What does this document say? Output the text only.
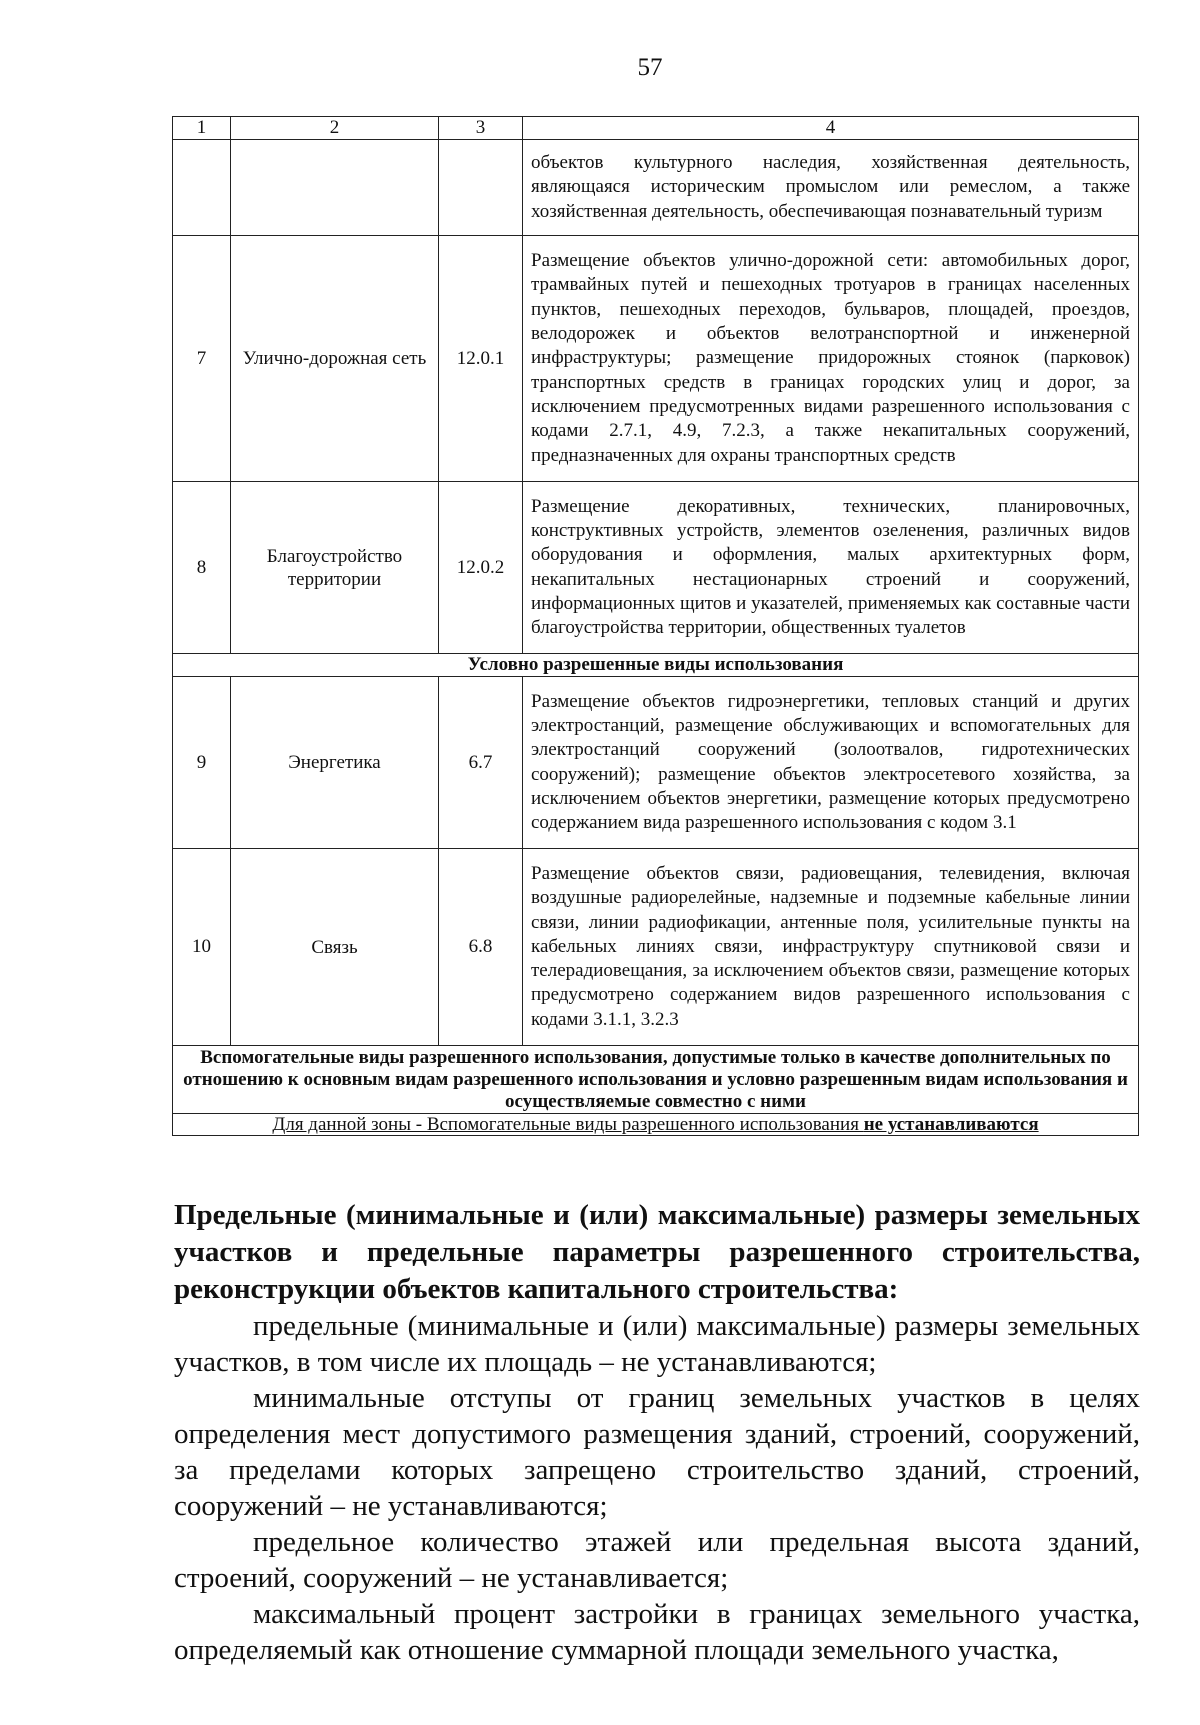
57
1	2	3	4
			объектов культурного наследия, хозяйственная деятельность, являющаяся историческим промыслом или ремеслом, а также хозяйственная деятельность, обеспечивающая познавательный туризм
7	Улично-дорожная сеть	12.0.1	Размещение объектов улично-дорожной сети: автомобильных дорог, трамвайных путей и пешеходных тротуаров в границах населенных пунктов, пешеходных переходов, бульваров, площадей, проездов, велодорожек и объектов велотранспортной и инженерной инфраструктуры; размещение придорожных стоянок (парковок) транспортных средств в границах городских улиц и дорог, за исключением предусмотренных видами разрешенного использования с кодами 2.7.1, 4.9, 7.2.3, а также некапитальных сооружений, предназначенных для охраны транспортных средств
8	Благоустройство территории	12.0.2	Размещение декоративных, технических, планировочных, конструктивных устройств, элементов озеленения, различных видов оборудования и оформления, малых архитектурных форм, некапитальных нестационарных строений и сооружений, информационных щитов и указателей, применяемых как составные части благоустройства территории, общественных туалетов
Условно разрешенные виды использования			
9	Энергетика	6.7	Размещение объектов гидроэнергетики, тепловых станций и других электростанций, размещение обслуживающих и вспомогательных для электростанций сооружений (золоотвалов, гидротехнических сооружений); размещение объектов электросетевого хозяйства, за исключением объектов энергетики, размещение которых предусмотрено содержанием вида разрешенного использования с кодом 3.1
10	Связь	6.8	Размещение объектов связи, радиовещания, телевидения, включая воздушные радиорелейные, надземные и подземные кабельные линии связи, линии радиофикации, антенные поля, усилительные пункты на кабельных линиях связи, инфраструктуру спутниковой связи и телерадиовещания, за исключением объектов связи, размещение которых предусмотрено содержанием видов разрешенного использования с кодами 3.1.1, 3.2.3
Вспомогательные виды разрешенного использования, допустимые только в качестве дополнительных по отношению к основным видам разрешенного использования и условно разрешенным видам использования и осуществляемые совместно с ними			
Для данной зоны - Вспомогательные виды разрешенного использования не устанавливаются			
Предельные (минимальные и (или) максимальные) размеры земельных участков и предельные параметры разрешенного строительства, реконструкции объектов капитального строительства:

предельные (минимальные и (или) максимальные) размеры земельных участков, в том числе их площадь – не устанавливаются;

минимальные отступы от границ земельных участков в целях определения мест допустимого размещения зданий, строений, сооружений, за пределами которых запрещено строительство зданий, строений, сооружений – не устанавливаются;

предельное количество этажей или предельная высота зданий, строений, сооружений – не устанавливается;

максимальный процент застройки в границах земельного участка, определяемый как отношение суммарной площади земельного участка,
